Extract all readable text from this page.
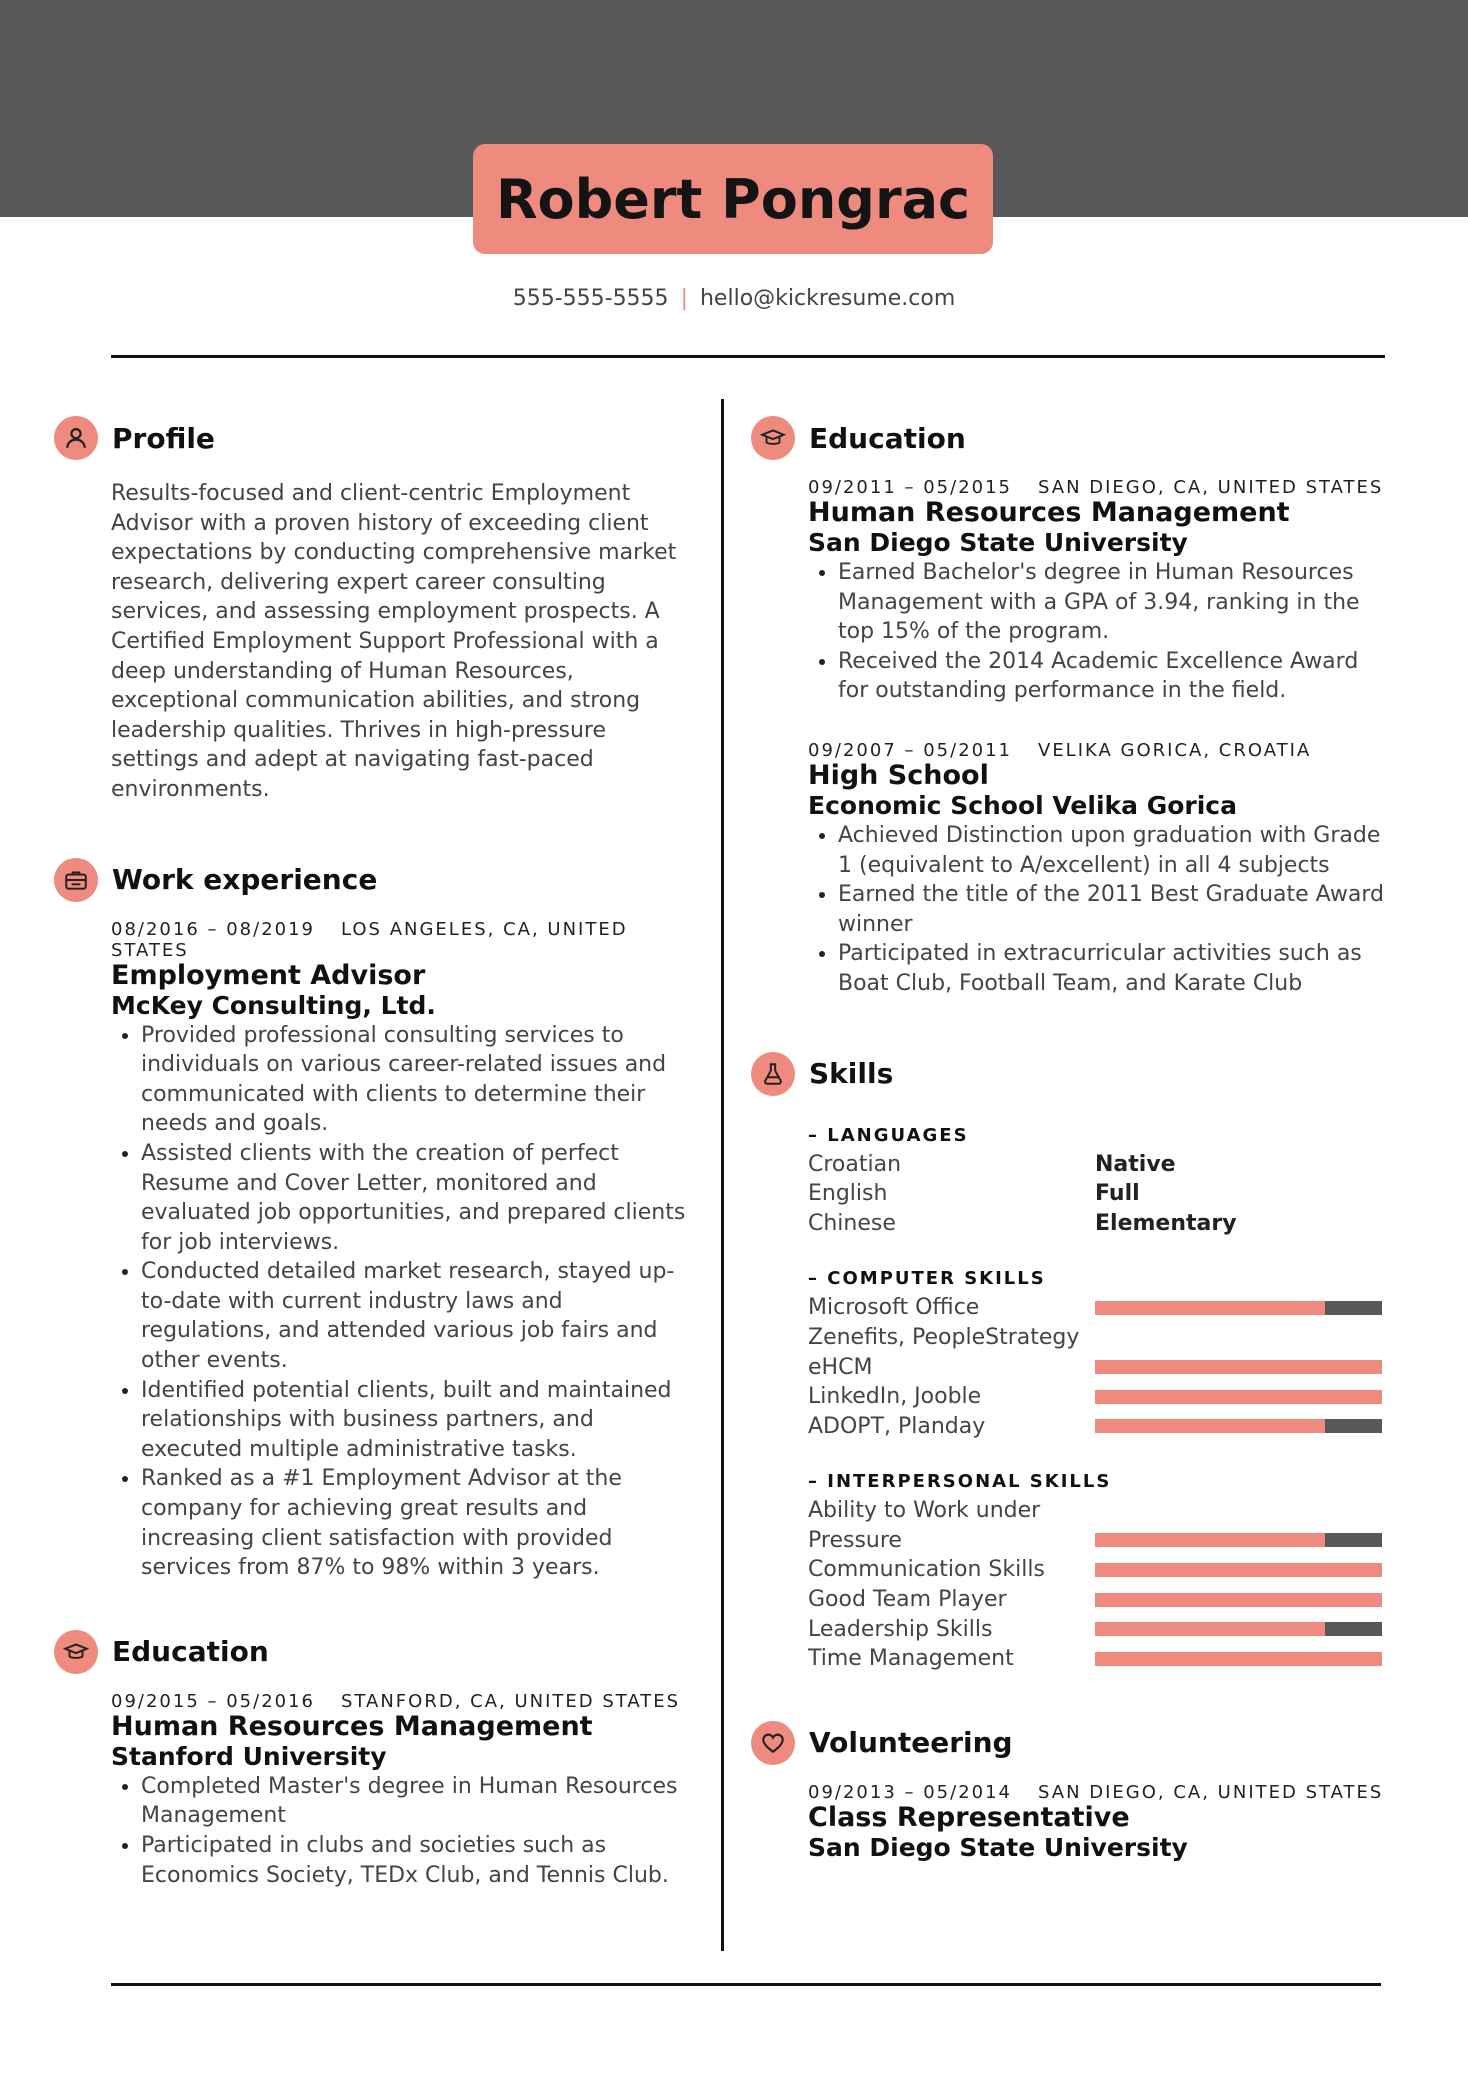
Robert Pongrac
555-555-5555 | hello@kickresume.com
Profile
Results-focused and client-centric Employment Advisor with a proven history of exceeding client expectations by conducting comprehensive market research, delivering expert career consulting services, and assessing employment prospects. A Certified Employment Support Professional with a deep understanding of Human Resources, exceptional communication abilities, and strong leadership qualities. Thrives in high-pressure settings and adept at navigating fast-paced environments.
Work experience
08/2016 – 08/2019 LOS ANGELES, CA, UNITED STATES
Employment Advisor
McKey Consulting, Ltd.
• Provided professional consulting services to individuals on various career-related issues and communicated with clients to determine their needs and goals.
• Assisted clients with the creation of perfect Resume and Cover Letter, monitored and evaluated job opportunities, and prepared clients for job interviews.
• Conducted detailed market research, stayed up-to-date with current industry laws and regulations, and attended various job fairs and other events.
• Identified potential clients, built and maintained relationships with business partners, and executed multiple administrative tasks.
• Ranked as a #1 Employment Advisor at the company for achieving great results and increasing client satisfaction with provided services from 87% to 98% within 3 years.
Education
09/2015 – 05/2016 STANFORD, CA, UNITED STATES
Human Resources Management
Stanford University
• Completed Master's degree in Human Resources Management
• Participated in clubs and societies such as Economics Society, TEDx Club, and Tennis Club.
Education
09/2011 – 05/2015 SAN DIEGO, CA, UNITED STATES
Human Resources Management
San Diego State University
• Earned Bachelor's degree in Human Resources Management with a GPA of 3.94, ranking in the top 15% of the program.
• Received the 2014 Academic Excellence Award for outstanding performance in the field.
09/2007 – 05/2011 VELIKA GORICA, CROATIA
High School
Economic School Velika Gorica
• Achieved Distinction upon graduation with Grade 1 (equivalent to A/excellent) in all 4 subjects
• Earned the title of the 2011 Best Graduate Award winner
• Participated in extracurricular activities such as Boat Club, Football Team, and Karate Club
Skills
– LANGUAGES
Croatian	Native
English	Full
Chinese	Elementary
– COMPUTER SKILLS
Microsoft Office
Zenefits, PeopleStrategy eHCM
LinkedIn, Jooble
ADOPT, Planday
– INTERPERSONAL SKILLS
Ability to Work under Pressure
Communication Skills
Good Team Player
Leadership Skills
Time Management
Volunteering
09/2013 – 05/2014 SAN DIEGO, CA, UNITED STATES
Class Representative
San Diego State University
